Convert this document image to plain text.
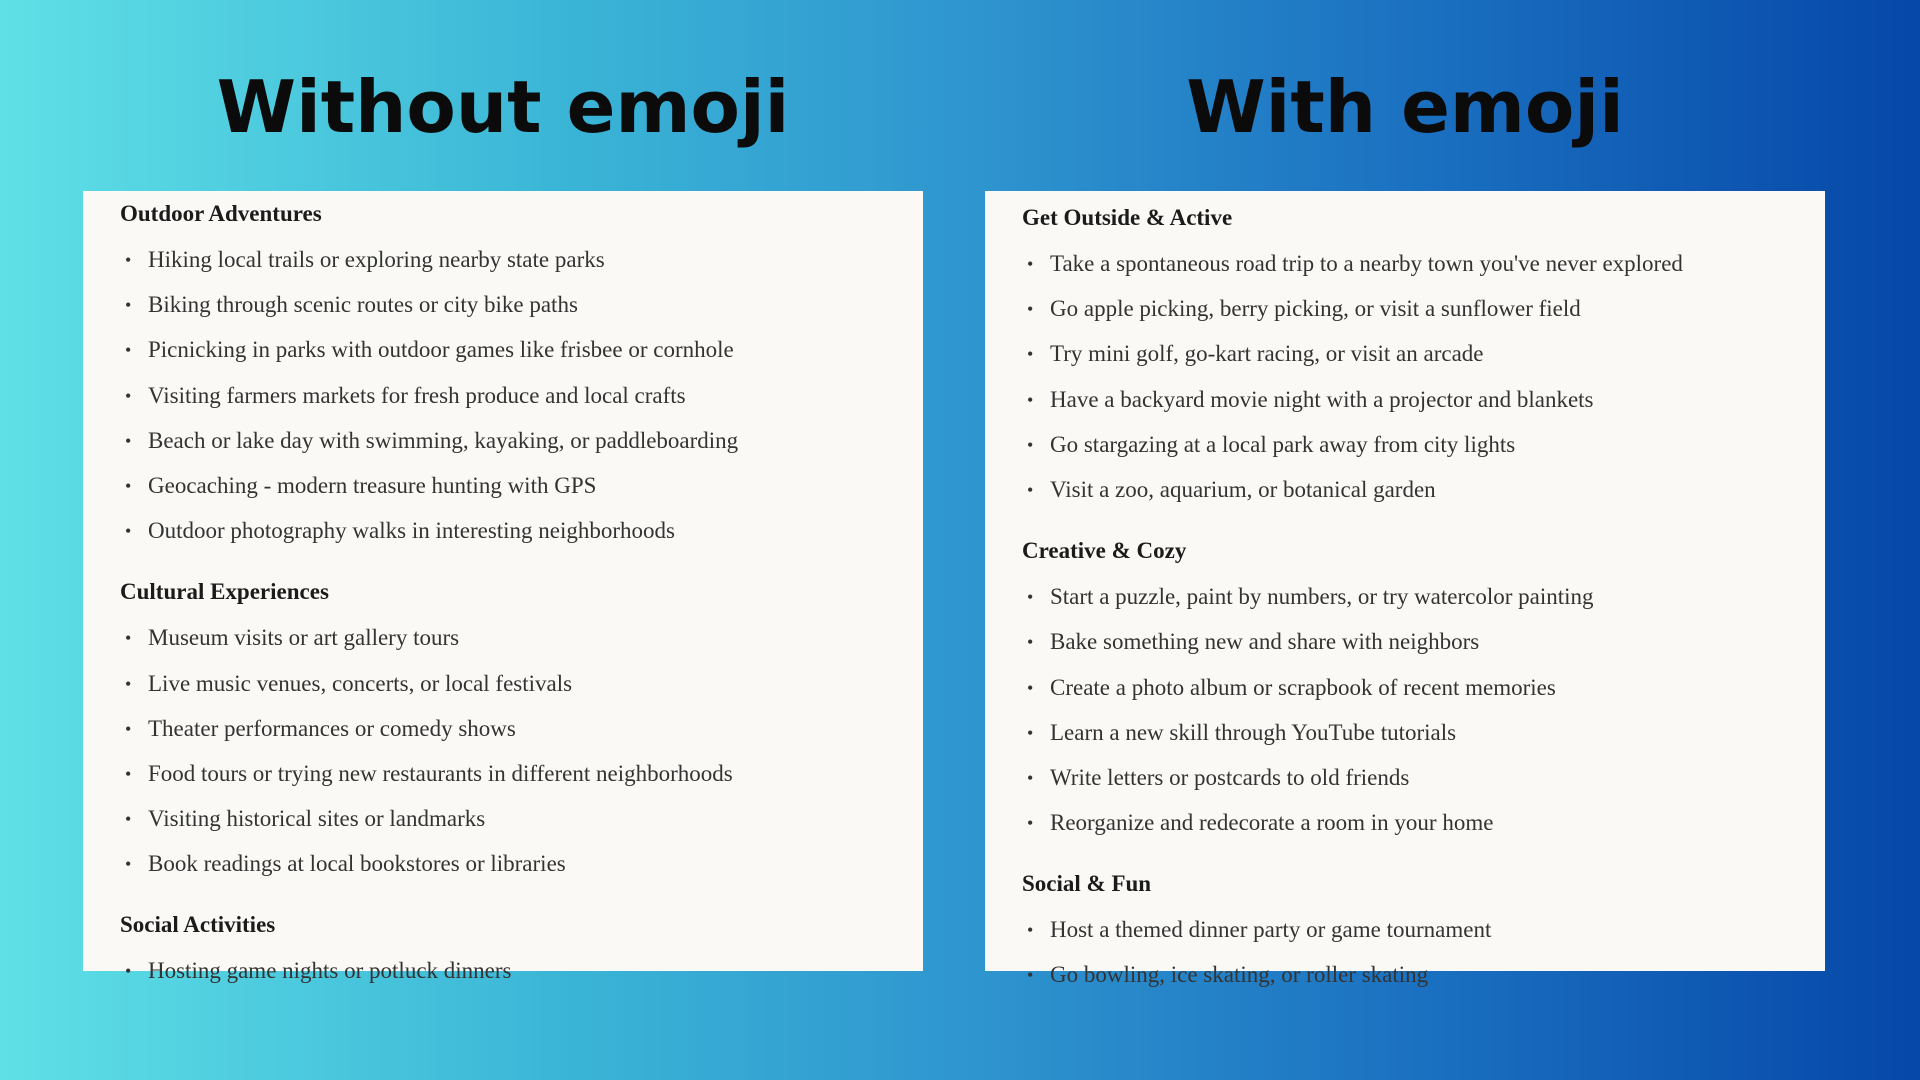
Without emoji	With emoji
Outdoor Adventures
• Hiking local trails or exploring nearby state parks
• Biking through scenic routes or city bike paths
• Picnicking in parks with outdoor games like frisbee or cornhole
• Visiting farmers markets for fresh produce and local crafts
• Beach or lake day with swimming, kayaking, or paddleboarding
• Geocaching - modern treasure hunting with GPS
• Outdoor photography walks in interesting neighborhoods
Cultural Experiences
• Museum visits or art gallery tours
• Live music venues, concerts, or local festivals
• Theater performances or comedy shows
• Food tours or trying new restaurants in different neighborhoods
• Visiting historical sites or landmarks
• Book readings at local bookstores or libraries
Social Activities
• Hosting game nights or potluck dinners
Get Outside & Active
• Take a spontaneous road trip to a nearby town you've never explored
• Go apple picking, berry picking, or visit a sunflower field
• Try mini golf, go-kart racing, or visit an arcade
• Have a backyard movie night with a projector and blankets
• Go stargazing at a local park away from city lights
• Visit a zoo, aquarium, or botanical garden
Creative & Cozy
• Start a puzzle, paint by numbers, or try watercolor painting
• Bake something new and share with neighbors
• Create a photo album or scrapbook of recent memories
• Learn a new skill through YouTube tutorials
• Write letters or postcards to old friends
• Reorganize and redecorate a room in your home
Social & Fun
• Host a themed dinner party or game tournament
• Go bowling, ice skating, or roller skating
